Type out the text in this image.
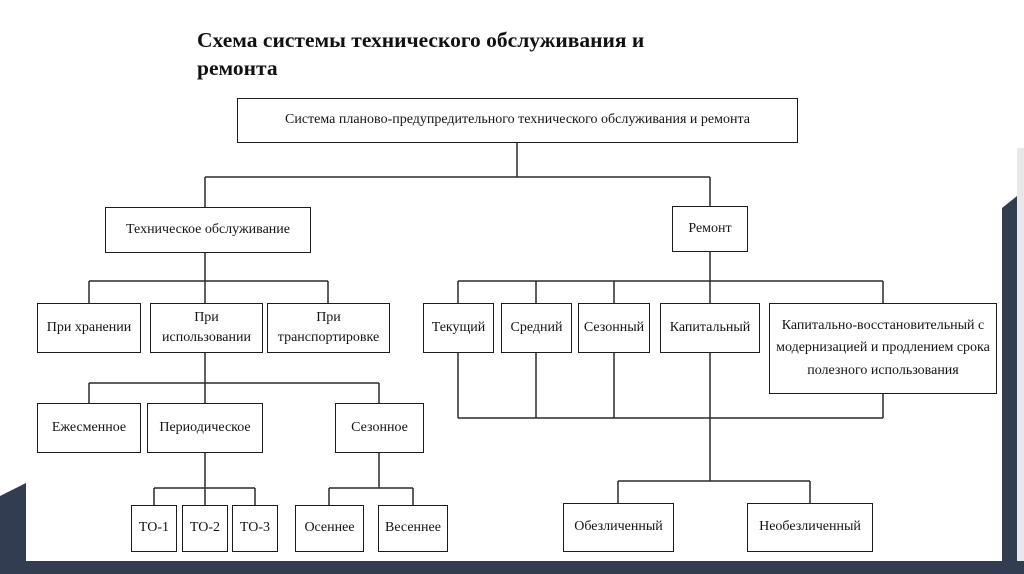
Схема системы технического обслуживания и ремонта
Система планово-предупредительного технического обслуживания и ремонта
Техническое обслуживание	Ремонт
При хранении
При использовании
При транспортировке
Текущий	Средний	Сезонный	Капитальный	Капитально-восстановительный с модернизацией и продлением срока полезного использования
Ежесменное	Периодическое	Сезонное
ТО-1	ТО-2	ТО-3	Осеннее	Весеннее	Обезличенный	Необезличенный
